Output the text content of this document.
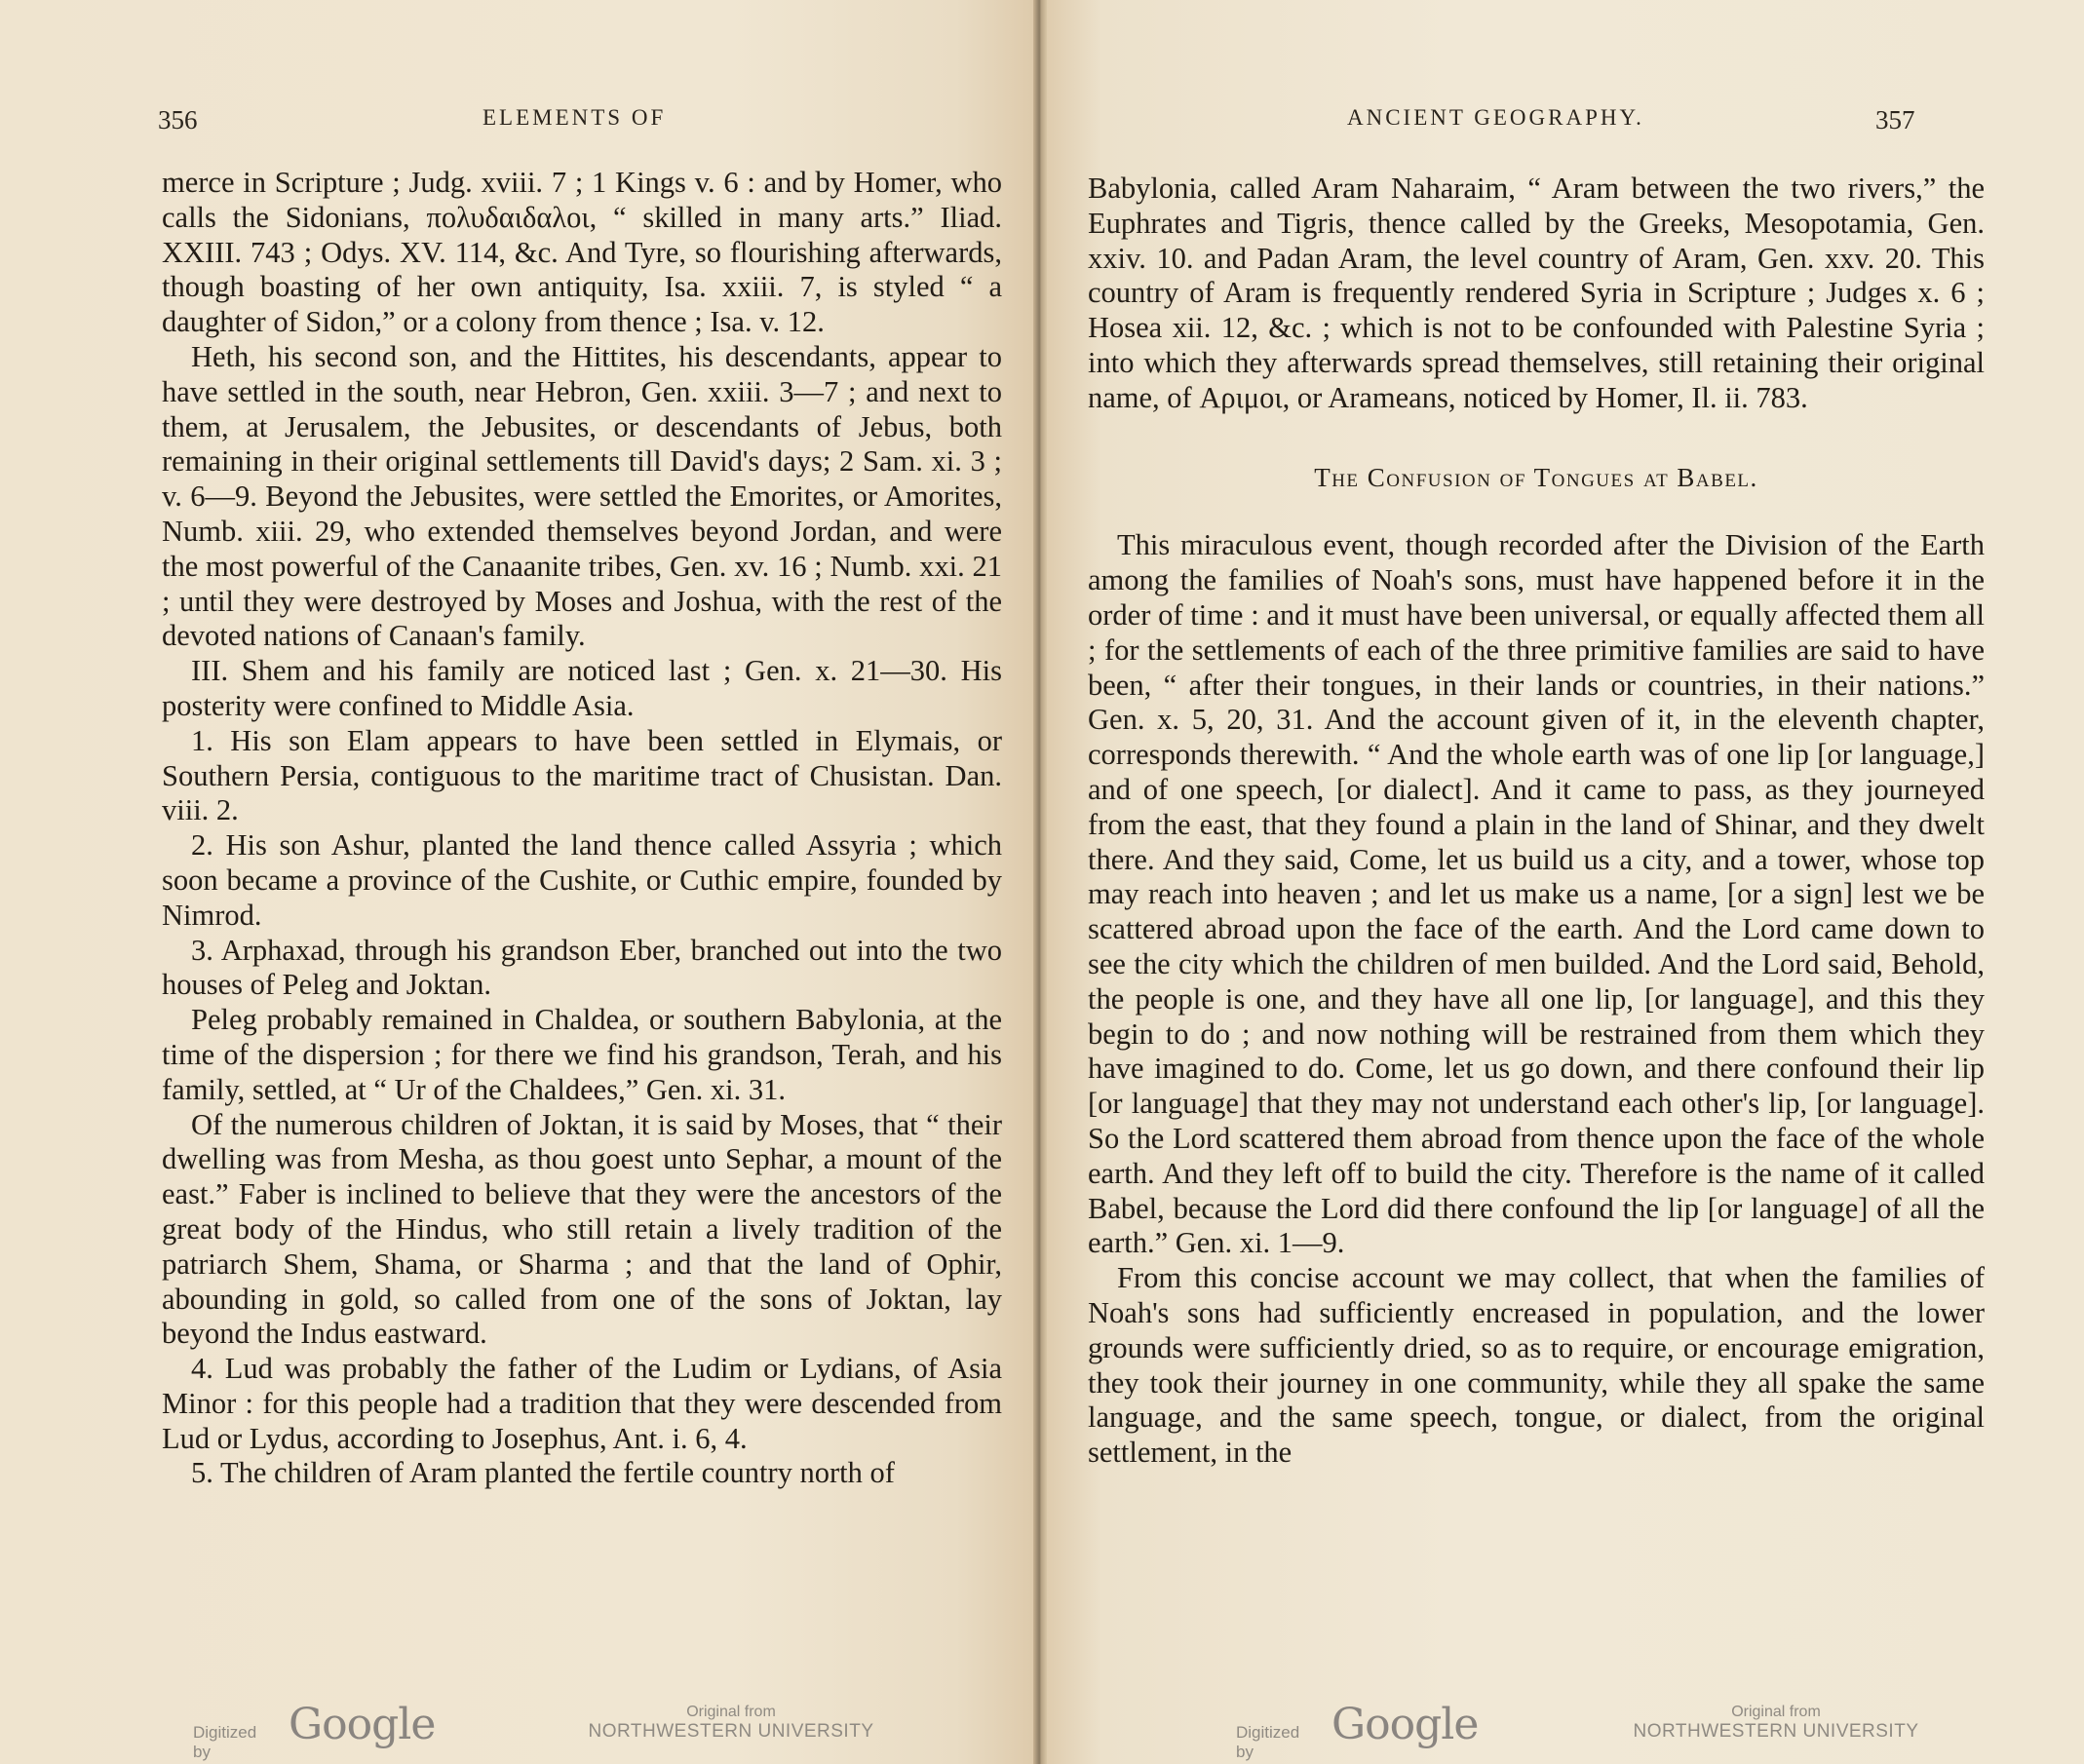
356	ELEMENTS OF

merce in Scripture ; Judg. xviii. 7 ; 1 Kings v. 6 : and by Homer, who calls the Sidonians, πολυδαιδαλοι, “ skilled in many arts.” Iliad. XXIII. 743 ; Odys. XV. 114, &c. And Tyre, so flourishing afterwards, though boasting of her own antiquity, Isa. xxiii. 7, is styled “ a daughter of Sidon,” or a colony from thence ; Isa. v. 12.

Heth, his second son, and the Hittites, his descendants, appear to have settled in the south, near Hebron, Gen. xxiii. 3—7 ; and next to them, at Jerusalem, the Jebusites, or descendants of Jebus, both remaining in their original settlements till David's days; 2 Sam. xi. 3 ; v. 6—9. Beyond the Jebusites, were settled the Emorites, or Amorites, Numb. xiii. 29, who extended themselves beyond Jordan, and were the most powerful of the Canaanite tribes, Gen. xv. 16 ; Numb. xxi. 21 ; until they were destroyed by Moses and Joshua, with the rest of the devoted nations of Canaan's family.

III. Shem and his family are noticed last ; Gen. x. 21—30. His posterity were confined to Middle Asia.

1. His son Elam appears to have been settled in Elymais, or Southern Persia, contiguous to the maritime tract of Chusistan. Dan. viii. 2.

2. His son Ashur, planted the land thence called Assyria ; which soon became a province of the Cushite, or Cuthic empire, founded by Nimrod.

3. Arphaxad, through his grandson Eber, branched out into the two houses of Peleg and Joktan.

Peleg probably remained in Chaldea, or southern Babylonia, at the time of the dispersion ; for there we find his grandson, Terah, and his family, settled, at “ Ur of the Chaldees,” Gen. xi. 31.

Of the numerous children of Joktan, it is said by Moses, that “ their dwelling was from Mesha, as thou goest unto Sephar, a mount of the east.” Faber is inclined to believe that they were the ancestors of the great body of the Hindus, who still retain a lively tradition of the patriarch Shem, Shama, or Sharma ; and that the land of Ophir, abounding in gold, so called from one of the sons of Joktan, lay beyond the Indus eastward.

4. Lud was probably the father of the Ludim or Lydians, of Asia Minor : for this people had a tradition that they were descended from Lud or Lydus, according to Josephus, Ant. i. 6, 4.

5. The children of Aram planted the fertile country north of

Digitized by
Google	Original from
NORTHWESTERN UNIVERSITY
ANCIENT GEOGRAPHY.	357

Babylonia, called Aram Naharaim, “ Aram between the two rivers,” the Euphrates and Tigris, thence called by the Greeks, Mesopotamia, Gen. xxiv. 10. and Padan Aram, the level country of Aram, Gen. xxv. 20. This country of Aram is frequently rendered Syria in Scripture ; Judges x. 6 ; Hosea xii. 12, &c. ; which is not to be confounded with Palestine Syria ; into which they afterwards spread themselves, still retaining their original name, of Αριμοι, or Arameans, noticed by Homer, Il. ii. 783.

The Confusion of Tongues at Babel.

This miraculous event, though recorded after the Division of the Earth among the families of Noah's sons, must have happened before it in the order of time : and it must have been universal, or equally affected them all ; for the settlements of each of the three primitive families are said to have been, “ after their tongues, in their lands or countries, in their nations.” Gen. x. 5, 20, 31. And the account given of it, in the eleventh chapter, corresponds therewith. “ And the whole earth was of one lip [or language,] and of one speech, [or dialect]. And it came to pass, as they journeyed from the east, that they found a plain in the land of Shinar, and they dwelt there. And they said, Come, let us build us a city, and a tower, whose top may reach into heaven ; and let us make us a name, [or a sign] lest we be scattered abroad upon the face of the earth. And the Lord came down to see the city which the children of men builded. And the Lord said, Behold, the people is one, and they have all one lip, [or language], and this they begin to do ; and now nothing will be restrained from them which they have imagined to do. Come, let us go down, and there confound their lip [or language] that they may not understand each other's lip, [or language]. So the Lord scattered them abroad from thence upon the face of the whole earth. And they left off to build the city. Therefore is the name of it called Babel, because the Lord did there confound the lip [or language] of all the earth.” Gen. xi. 1—9.

From this concise account we may collect, that when the families of Noah's sons had sufficiently encreased in population, and the lower grounds were sufficiently dried, so as to require, or encourage emigration, they took their journey in one community, while they all spake the same language, and the same speech, tongue, or dialect, from the original settlement, in the

Digitized by
Google	Original from
NORTHWESTERN UNIVERSITY
